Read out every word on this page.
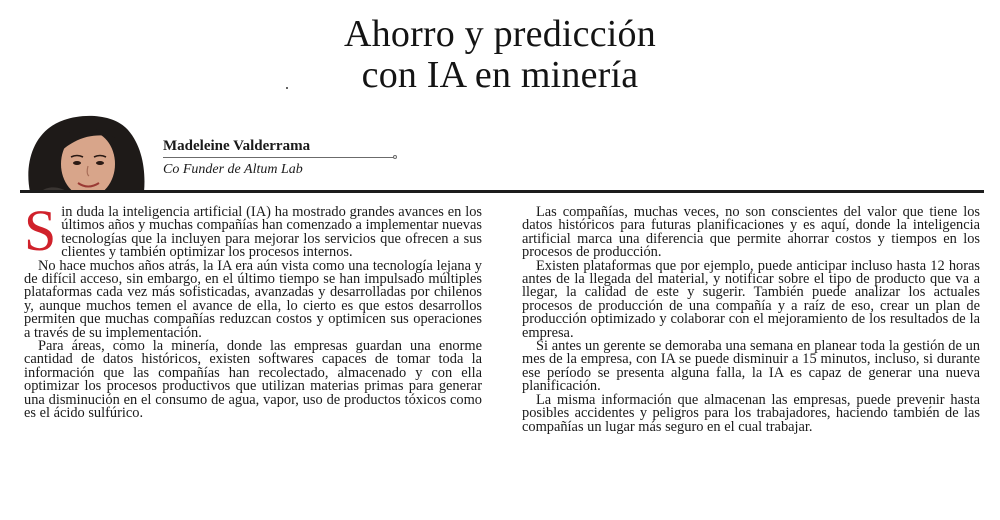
Ahorro y predicción
con IA en minería
Madeleine Valderrama
Co Funder de Altum Lab

Sin duda la inteligencia artificial (IA) ha mostrado grandes avances en los últimos años y muchas compañías han comenzado a implementar nuevas tecnologías que la incluyen para mejorar los servicios que ofrecen a sus clientes y también optimizar los procesos internos.

No hace muchos años atrás, la IA era aún vista como una tecnología lejana y de difícil acceso, sin embargo, en el último tiempo se han impulsado múltiples plataformas cada vez más sofisticadas, avanzadas y desarrolladas por chilenos y, aunque muchos temen el avance de ella, lo cierto es que estos desarrollos permiten que muchas compañías reduzcan costos y optimicen sus operaciones a través de su implementación.

Para áreas, como la minería, donde las empresas guardan una enorme cantidad de datos históricos, existen softwares capaces de tomar toda la información que las compañías han recolectado, almacenado y con ella optimizar los procesos productivos que utilizan materias primas para generar una disminución en el consumo de agua, vapor, uso de productos tóxicos como es el ácido sulfúrico.

Las compañías, muchas veces, no son conscientes del valor que tiene los datos históricos para futuras planificaciones y es aquí, donde la inteligencia artificial marca una diferencia que permite ahorrar costos y tiempos en los procesos de producción.

Existen plataformas que por ejemplo, puede anticipar incluso hasta 12 horas antes de la llegada del material, y notificar sobre el tipo de producto que va a llegar, la calidad de este y sugerir. También puede analizar los actuales procesos de producción de una compañía y a raíz de eso, crear un plan de producción optimizado y colaborar con el mejoramiento de los resultados de la empresa.

Si antes un gerente se demoraba una semana en planear toda la gestión de un mes de la empresa, con IA se puede disminuir a 15 minutos, incluso, si durante ese período se presenta alguna falla, la IA es capaz de generar una nueva planificación.

La misma información que almacenan las empresas, puede prevenir hasta posibles accidentes y peligros para los trabajadores, haciendo también de las compañías un lugar más seguro en el cual trabajar.
